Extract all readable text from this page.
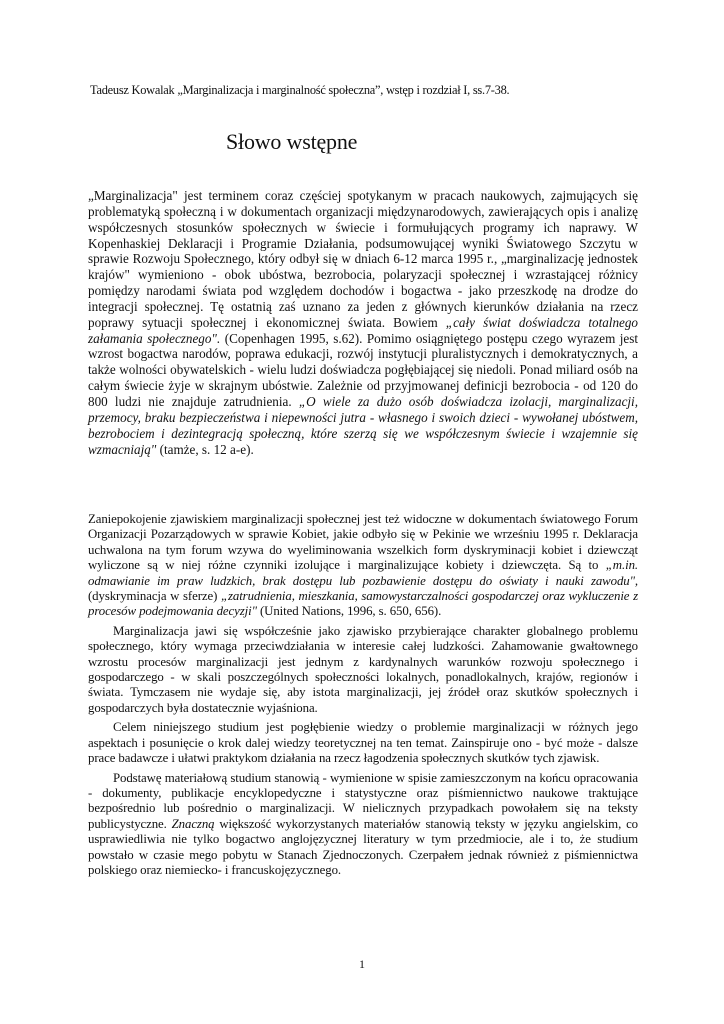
Tadeusz Kowalak „Marginalizacja i marginalność społeczna”, wstęp i rozdział I, ss.7-38.
Słowo wstępne

„Marginalizacja" jest terminem coraz częściej spotykanym w pracach naukowych, zajmujących się problematyką społeczną i w dokumentach organizacji międzynarodowych, zawierających opis i analizę współczesnych stosunków społecznych w świecie i formułujących programy ich naprawy. W Kopenhaskiej Deklaracji i Programie Działania, podsumowującej wyniki Światowego Szczytu w sprawie Rozwoju Społecznego, który odbył się w dniach 6-12 marca 1995 r., „marginalizację jednostek krajów" wymieniono - obok ubóstwa, bezrobocia, polaryzacji społecznej i wzrastającej różnicy pomiędzy narodami świata pod względem dochodów i bogactwa - jako przeszkodę na drodze do integracji społecznej. Tę ostatnią zaś uznano za jeden z głównych kierunków działania na rzecz poprawy sytuacji społecznej i ekonomicznej świata. Bowiem „cały świat doświadcza totalnego załamania społecznego". (Copenhagen 1995, s.62). Pomimo osiągniętego postępu czego wyrazem jest wzrost bogactwa narodów, poprawa edukacji, rozwój instytucji pluralistycznych i demokratycznych, a także wolności obywatelskich - wielu ludzi doświadcza pogłębiającej się niedoli. Ponad miliard osób na całym świecie żyje w skrajnym ubóstwie. Zależnie od przyjmowanej definicji bezrobocia - od 120 do 800 ludzi nie znajduje zatrudnienia. „O wiele za dużo osób doświadcza izolacji, marginalizacji, przemocy, braku bezpieczeństwa i niepewności jutra - własnego i swoich dzieci - wywołanej ubóstwem, bezrobociem i dezintegracją społeczną, które szerzą się we współczesnym świecie i wzajemnie się wzmacniają" (tamże, s. 12 a-e).

Zaniepokojenie zjawiskiem marginalizacji społecznej jest też widoczne w dokumentach światowego Forum Organizacji Pozarządowych w sprawie Kobiet, jakie odbyło się w Pekinie we wrześniu 1995 r. Deklaracja uchwalona na tym forum wzywa do wyeliminowania wszelkich form dyskryminacji kobiet i dziewcząt wyliczone są w niej różne czynniki izolujące i marginalizujące kobiety i dziewczęta. Są to „m.in. odmawianie im praw ludzkich, brak dostępu lub pozbawienie dostępu do oświaty i nauki zawodu", (dyskryminacja w sferze) „zatrudnienia, mieszkania, samowystarczalności gospodarczej oraz wykluczenie z procesów podejmowania decyzji" (United Nations, 1996, s. 650, 656).

Marginalizacja jawi się współcześnie jako zjawisko przybierające charakter globalnego problemu społecznego, który wymaga przeciwdziałania w interesie całej ludzkości. Zahamowanie gwałtownego wzrostu procesów marginalizacji jest jednym z kardynalnych warunków rozwoju społecznego i gospodarczego - w skali poszczególnych społeczności lokalnych, ponadlokalnych, krajów, regionów i świata. Tymczasem nie wydaje się, aby istota marginalizacji, jej źródeł oraz skutków społecznych i gospodarczych była dostatecznie wyjaśniona.

Celem niniejszego studium jest pogłębienie wiedzy o problemie marginalizacji w różnych jego aspektach i posunięcie o krok dalej wiedzy teoretycznej na ten temat. Zainspiruje ono - być może - dalsze prace badawcze i ułatwi praktykom działania na rzecz łagodzenia społecznych skutków tych zjawisk.

Podstawę materiałową studium stanowią - wymienione w spisie zamieszczonym na końcu opracowania - dokumenty, publikacje encyklopedyczne i statystyczne oraz piśmiennictwo naukowe traktujące bezpośrednio lub pośrednio o marginalizacji. W nielicznych przypadkach powołałem się na teksty publicystyczne. Znaczną większość wykorzystanych materiałów stanowią teksty w języku angielskim, co usprawiedliwia nie tylko bogactwo anglojęzycznej literatury w tym przedmiocie, ale i to, że studium powstało w czasie mego pobytu w Stanach Zjednoczonych. Czerpałem jednak również z piśmiennictwa polskiego oraz niemiecko- i francuskojęzycznego.

1
